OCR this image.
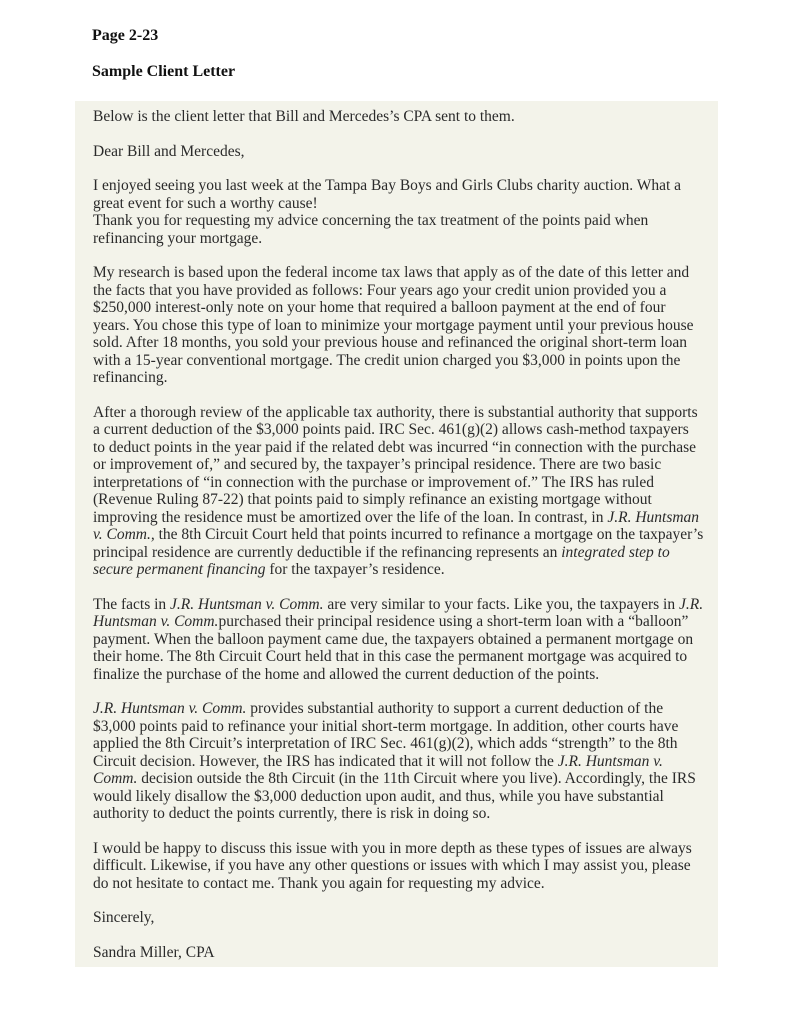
Page 2-23
Sample Client Letter

Below is the client letter that Bill and Mercedes’s CPA sent to them.

Dear Bill and Mercedes,

I enjoyed seeing you last week at the Tampa Bay Boys and Girls Clubs charity auction. What a great event for such a worthy cause!
Thank you for requesting my advice concerning the tax treatment of the points paid when refinancing your mortgage.

My research is based upon the federal income tax laws that apply as of the date of this letter and the facts that you have provided as follows: Four years ago your credit union provided you a $250,000 interest-only note on your home that required a balloon payment at the end of four years. You chose this type of loan to minimize your mortgage payment until your previous house sold. After 18 months, you sold your previous house and refinanced the original short-term loan with a 15-year conventional mortgage. The credit union charged you $3,000 in points upon the refinancing.

After a thorough review of the applicable tax authority, there is substantial authority that supports a current deduction of the $3,000 points paid. IRC Sec. 461(g)(2) allows cash-method taxpayers to deduct points in the year paid if the related debt was incurred “in connection with the purchase or improvement of,” and secured by, the taxpayer’s principal residence. There are two basic interpretations of “in connection with the purchase or improvement of.” The IRS has ruled (Revenue Ruling 87-22) that points paid to simply refinance an existing mortgage without improving the residence must be amortized over the life of the loan. In contrast, in J.R. Huntsman v. Comm., the 8th Circuit Court held that points incurred to refinance a mortgage on the taxpayer’s principal residence are currently deductible if the refinancing represents an integrated step to secure permanent financing for the taxpayer’s residence.

The facts in J.R. Huntsman v. Comm. are very similar to your facts. Like you, the taxpayers in J.R. Huntsman v. Comm.purchased their principal residence using a short-term loan with a “balloon” payment. When the balloon payment came due, the taxpayers obtained a permanent mortgage on their home. The 8th Circuit Court held that in this case the permanent mortgage was acquired to finalize the purchase of the home and allowed the current deduction of the points.

J.R. Huntsman v. Comm. provides substantial authority to support a current deduction of the $3,000 points paid to refinance your initial short-term mortgage. In addition, other courts have applied the 8th Circuit’s interpretation of IRC Sec. 461(g)(2), which adds “strength” to the 8th Circuit decision. However, the IRS has indicated that it will not follow the J.R. Huntsman v. Comm. decision outside the 8th Circuit (in the 11th Circuit where you live). Accordingly, the IRS would likely disallow the $3,000 deduction upon audit, and thus, while you have substantial authority to deduct the points currently, there is risk in doing so.

I would be happy to discuss this issue with you in more depth as these types of issues are always difficult. Likewise, if you have any other questions or issues with which I may assist you, please do not hesitate to contact me. Thank you again for requesting my advice.

Sincerely,

Sandra Miller, CPA
